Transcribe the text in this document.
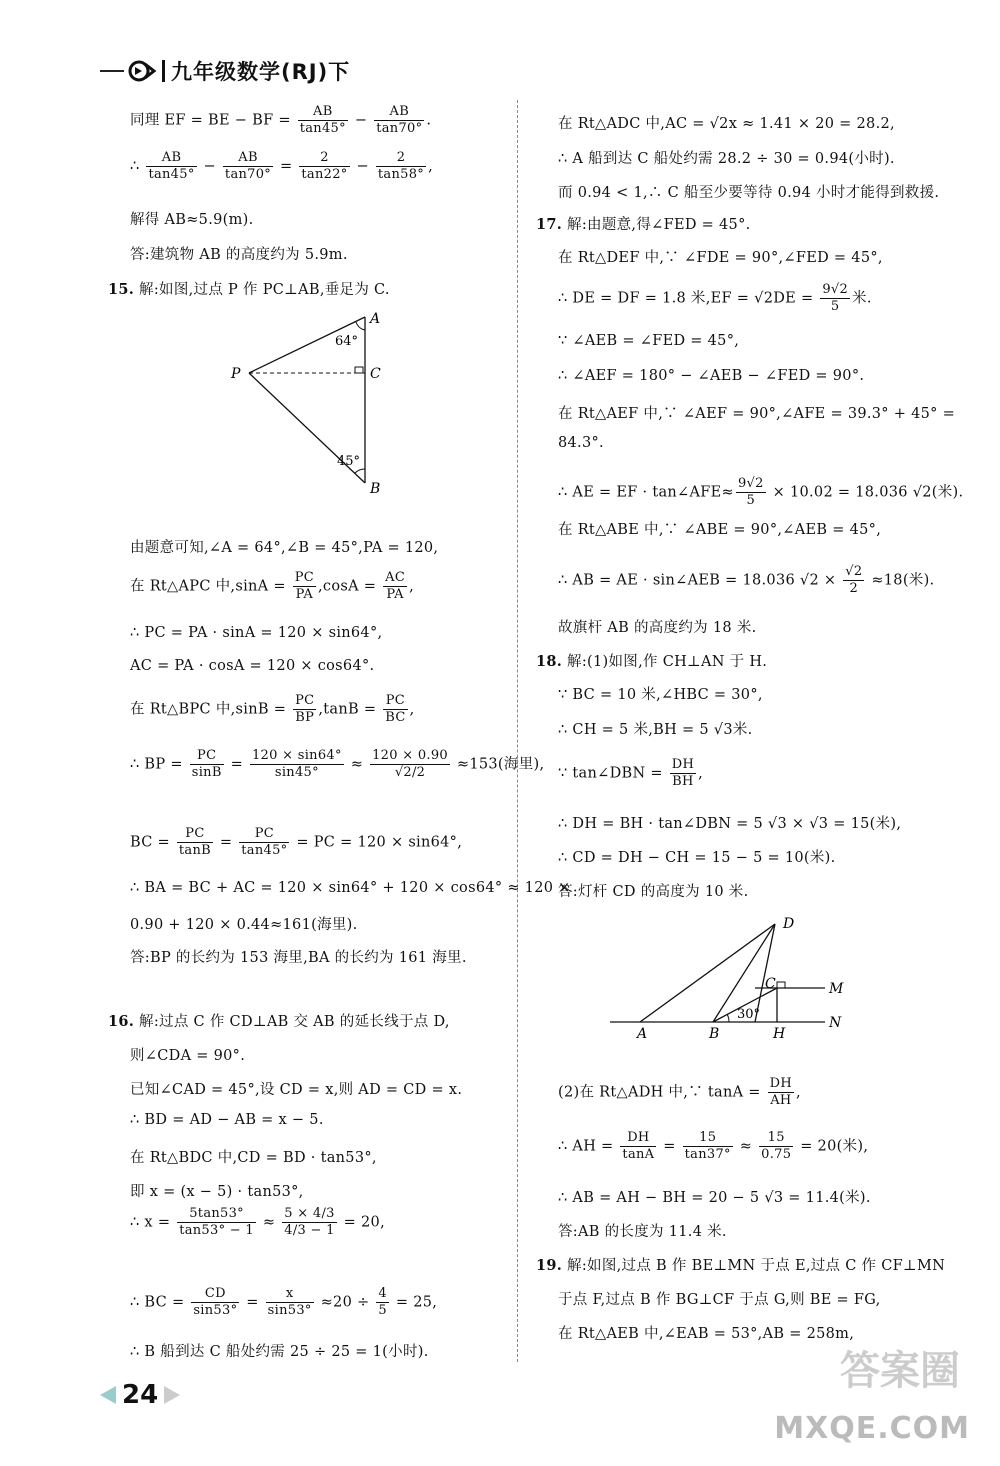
九年级数学(RJ)下
同理 EF = BE − BF = $\frac{AB}{\tan 45^\circ} - \frac{AB}{\tan 70^\circ}$ .
∴ $\frac{AB}{\tan 45^\circ} - \frac{AB}{\tan 70^\circ} = \frac{2}{\tan 22^\circ} - \frac{2}{\tan 58^\circ}$ ,
解得 AB≈5.9(m).
答:建筑物 AB 的高度约为 5.9m.
15. 解:如图,过点 P 作 PC⊥AB,垂足为 C.
由题意可知,∠A = 64°,∠B = 45°,PA = 120,
在 Rt△APC 中$,\sin A = \frac{PC}{PA} ,\cos A = \frac{AC}{PA}$ ,
∴ PC = PA · sinA = 120 × sin64°,
AC = PA · cosA = 120 × cos64°.
在 Rt△BPC 中$,\sin B = \frac{PC}{BP} ,\tan B = \frac{PC}{BC}$ ,
∴ BP = $\frac{PC}{\sin B} = \frac{120 \times \sin 64^\circ}{\sin 45^\circ} \approx \frac{120 \times 0.90}{√2/2} \approx 153$(海里),
BC = $\frac{PC}{\tan B} = \frac{PC}{\tan 45^\circ}$ = PC = 120 × sin64°,
∴ BA = BC + AC = 120 × sin64° + 120 × cos64° ≈ 120 ×
0.90 + 120 × 0.44≈161(海里).
答:BP 的长约为 153 海里,BA 的长约为 161 海里.
16. 解:过点 C 作 CD⊥AB 交 AB 的延长线于点 D,
则∠CDA = 90°.
已知∠CAD = 45°,设 CD = x,则 AD = CD = x.
∴ BD = AD − AB = x − 5.
在 Rt△BDC 中,CD = BD · tan53°,
即 x = (x − 5) · tan53°,
∴ $x = \frac{5\tan 53^\circ}{\tan 53^\circ - 1} \approx \frac{5 \times 4/3}{4/3 - 1} = 20$,
∴ BC = $\frac{CD}{\sin 53^\circ} = \frac{x}{\sin 53^\circ} \approx 20 \div \frac{4}{5} = 25$,
∴ B 船到达 C 船处约需 25 ÷ 25 = 1(小时).
在 Rt△ADC 中,AC = √2x ≈ 1.41 × 20 = 28.2,
∴ A 船到达 C 船处约需 28.2 ÷ 30 = 0.94(小时).
而 0.94 < 1,∴ C 船至少要等待 0.94 小时才能得到救援.
17. 解:由题意,得∠FED = 45°.
在 Rt△DEF 中,∵ ∠FDE = 90°,∠FED = 45°,
∴ DE = DF = 1.8 米$,EF = √2DE = \frac{9√2}{5}$ 米.
∵ ∠AEB = ∠FED = 45°,
∴ ∠AEF = 180° − ∠AEB − ∠FED = 90°.
在 Rt△AEF 中,∵ ∠AEF = 90°,∠AFE = 39.3° + 45° =
84.3°.
∴ AE = EF · tan∠AFE≈ $\frac{9√2}{5} \times 10.02 = 18.036$ √2(米).
在 Rt△ABE 中,∵ ∠ABE = 90°,∠AEB = 45°,
∴ AB = AE · sin∠AEB = 18.036 $√2 \times \frac{√2}{2} \approx 18$(米).
故旗杆 AB 的高度约为 18 米.
18. 解:(1)如图,作 CH⊥AN 于 H.
∵ BC = 10 米,∠HBC = 30°,
∴ CH = 5 米,BH = 5 √3米.
∵ tan∠DBN = $\frac{DH}{BH}$ ,
∴ DH = BH · tan∠DBN = 5 √3 × √3 = 15(米),
∴ CD = DH − CH = 15 − 5 = 10(米).
答:灯杆 CD 的高度为 10 米.
(2)在 Rt△ADH 中,∵ $\tan A = \frac{DH}{AH}$ ,
∴ AH = $\frac{DH}{\tan A} = \frac{15}{\tan 37^\circ} \approx \frac{15}{0.75} = 20$(米),
∴ AB = AH − BH = 20 − 5 √3 = 11.4(米).
答:AB 的长度为 11.4 米.
19. 解:如图,过点 B 作 BE⊥MN 于点 E,过点 C 作 CF⊥MN
于点 F,过点 B 作 BG⊥CF 于点 G,则 BE = FG,
在 Rt△AEB 中,∠EAB = 53°,AB = 258m,
A
C
P
B
64°
45°
D
C	M
A	B	H
N
30°
24
答案圈
MXQE.COM
